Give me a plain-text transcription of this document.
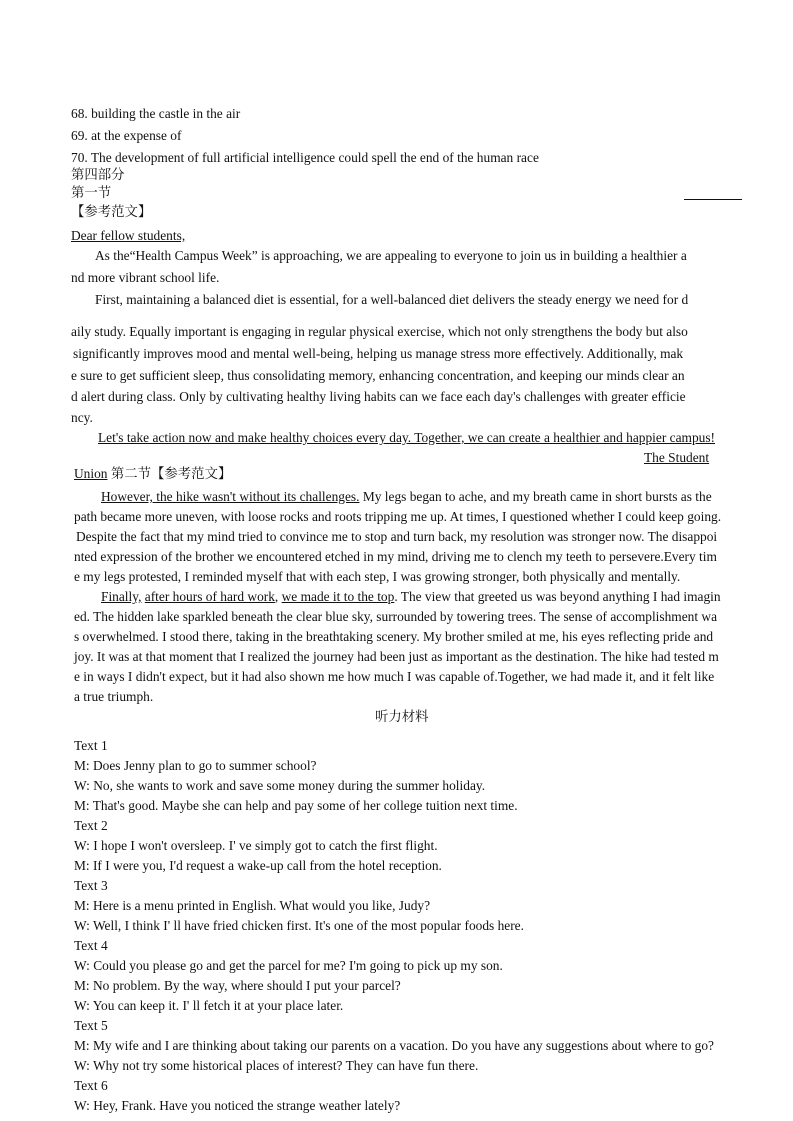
68. building the castle in the air
69. at the expense of
70. The development of full artificial intelligence could spell the end of the human race
第四部分
第一节
【参考范文】
Dear fellow students,
As the“Health Campus Week” is approaching, we are appealing to everyone to join us in building a healthier a
nd more vibrant school life.
First, maintaining a balanced diet is essential, for a well-balanced diet delivers the steady energy we need for d
aily study. Equally important is engaging in regular physical exercise, which not only strengthens the body but also
significantly improves mood and mental well-being, helping us manage stress more effectively. Additionally, mak
e sure to get sufficient sleep, thus consolidating memory, enhancing concentration, and keeping our minds clear an
d alert during class. Only by cultivating healthy living habits can we face each day's challenges with greater efficie
ncy.
Let's take action now and make healthy choices every day. Together, we can create a healthier and happier campus!
The Student
Union 第二节【参考范文】
However, the hike wasn't without its challenges. My legs began to ache, and my breath came in short bursts as the
path became more uneven, with loose rocks and roots tripping me up. At times, I questioned whether I could keep going.
Despite the fact that my mind tried to convince me to stop and turn back, my resolution was stronger now. The disappoi
nted expression of the brother we encountered etched in my mind, driving me to clench my teeth to persevere.Every tim
e my legs protested, I reminded myself that with each step, I was growing stronger, both physically and mentally.
Finally, after hours of hard work, we made it to the top. The view that greeted us was beyond anything I had imagin
ed. The hidden lake sparkled beneath the clear blue sky, surrounded by towering trees. The sense of accomplishment wa
s overwhelmed. I stood there, taking in the breathtaking scenery. My brother smiled at me, his eyes reflecting pride and
joy. It was at that moment that I realized the journey had been just as important as the destination. The hike had tested m
e in ways I didn't expect, but it had also shown me how much I was capable of.Together, we had made it, and it felt like
a true triumph.
听力材料
Text 1
M: Does Jenny plan to go to summer school?
W: No, she wants to work and save some money during the summer holiday.
M: That's good. Maybe she can help and pay some of her college tuition next time.
Text 2
W: I hope I won't oversleep. I' ve simply got to catch the first flight.
M: If I were you, I'd request a wake-up call from the hotel reception.
Text 3
M: Here is a menu printed in English. What would you like, Judy?
W: Well, I think I' ll have fried chicken first. It's one of the most popular foods here.
Text 4
W: Could you please go and get the parcel for me? I'm going to pick up my son.
M: No problem. By the way, where should I put your parcel?
W: You can keep it. I' ll fetch it at your place later.
Text 5
M: My wife and I are thinking about taking our parents on a vacation. Do you have any suggestions about where to go?
W: Why not try some historical places of interest? They can have fun there.
Text 6
W: Hey, Frank. Have you noticed the strange weather lately?
